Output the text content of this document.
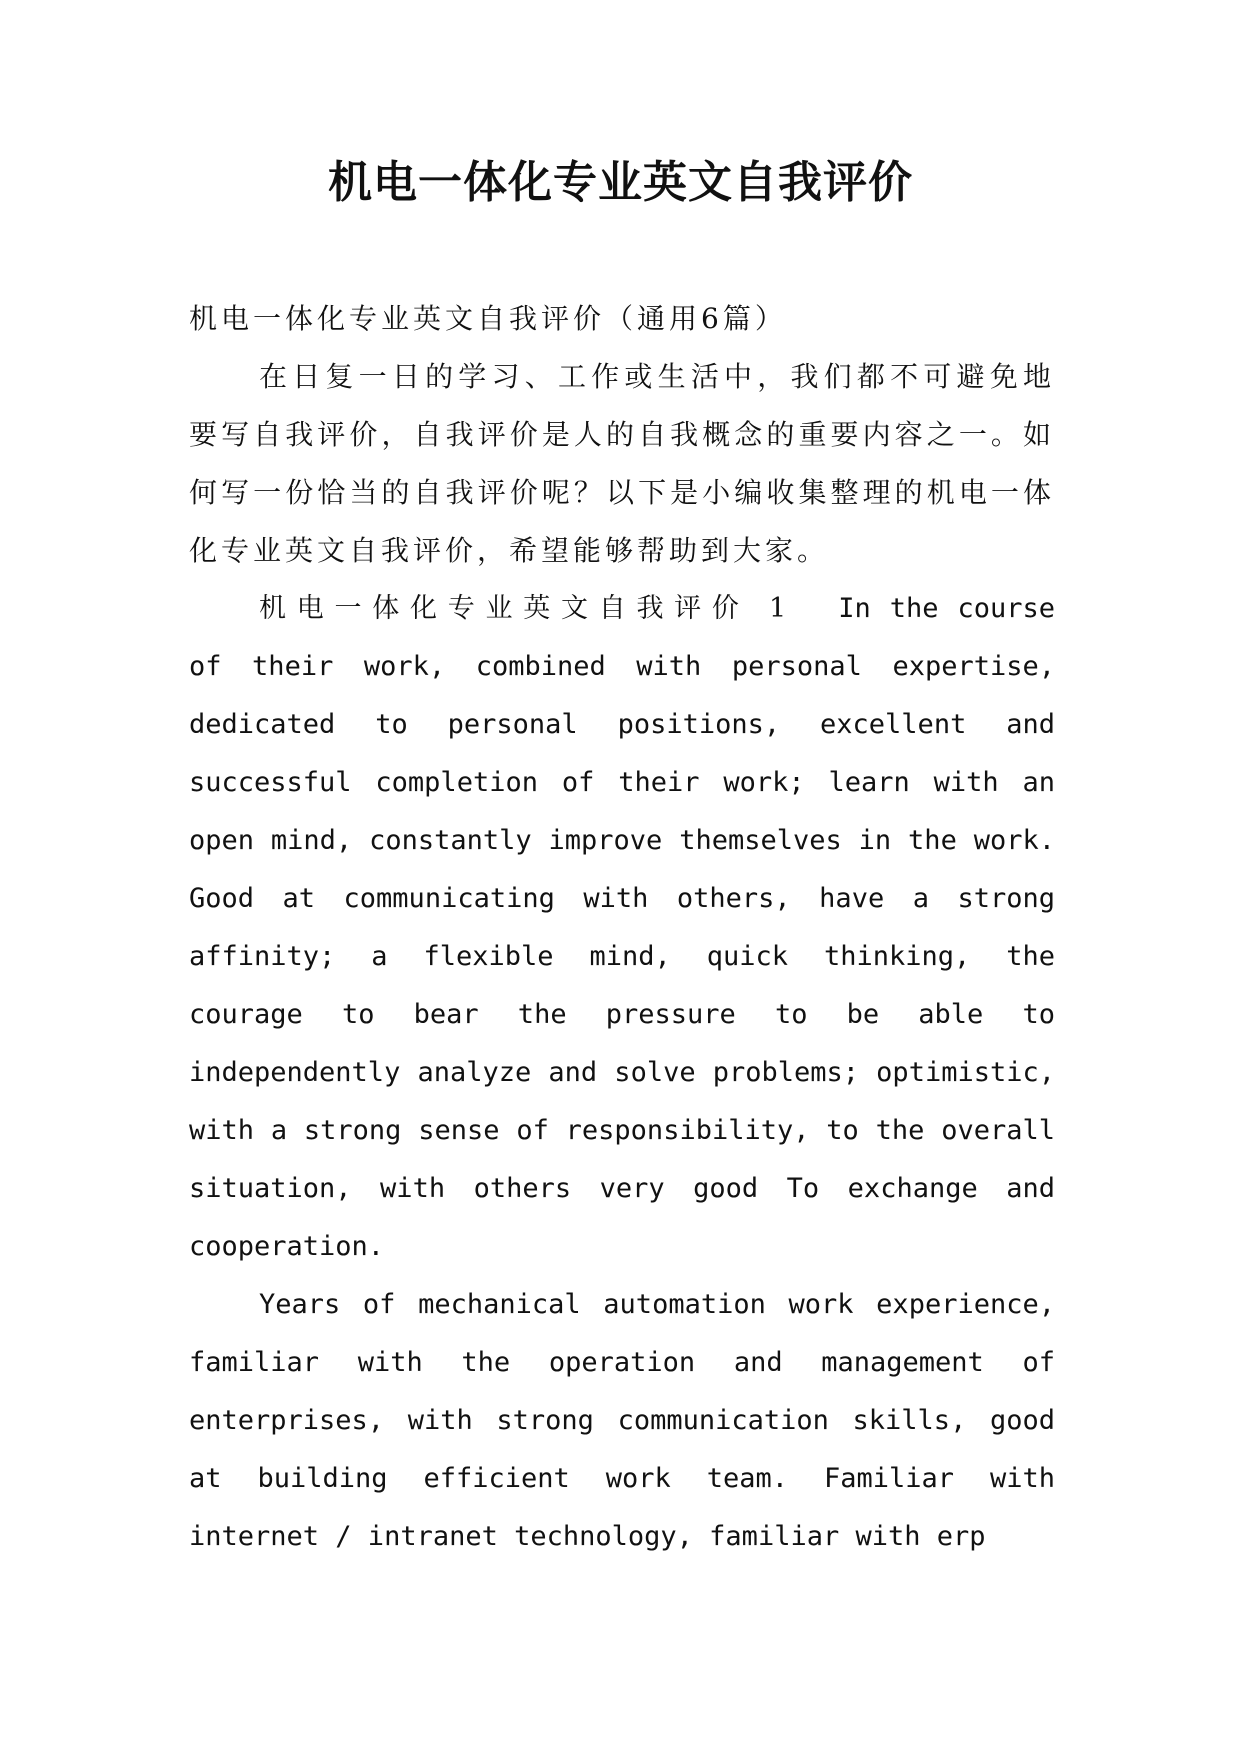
机电一体化专业英文自我评价

机电一体化专业英文自我评价（通用6篇）

在日复一日的学习、工作或生活中，我们都不可避免地要写自我评价，自我评价是人的自我概念的重要内容之一。如何写一份恰当的自我评价呢？以下是小编收集整理的机电一体化专业英文自我评价，希望能够帮助到大家。

机电一体化专业英文自我评价 1 In the course of their work, combined with personal expertise, dedicated to personal positions, excellent and successful completion of their work; learn with an open mind, constantly improve themselves in the work. Good at communicating with others, have a strong affinity; a flexible mind, quick thinking, the courage to bear the pressure to be able to independently analyze and solve problems; optimistic, with a strong sense of responsibility, to the overall situation, with others very good To exchange and cooperation.

Years of mechanical automation work experience, familiar with the operation and management of enterprises, with strong communication skills, good at building efficient work team. Familiar with internet / intranet technology, familiar with erp
